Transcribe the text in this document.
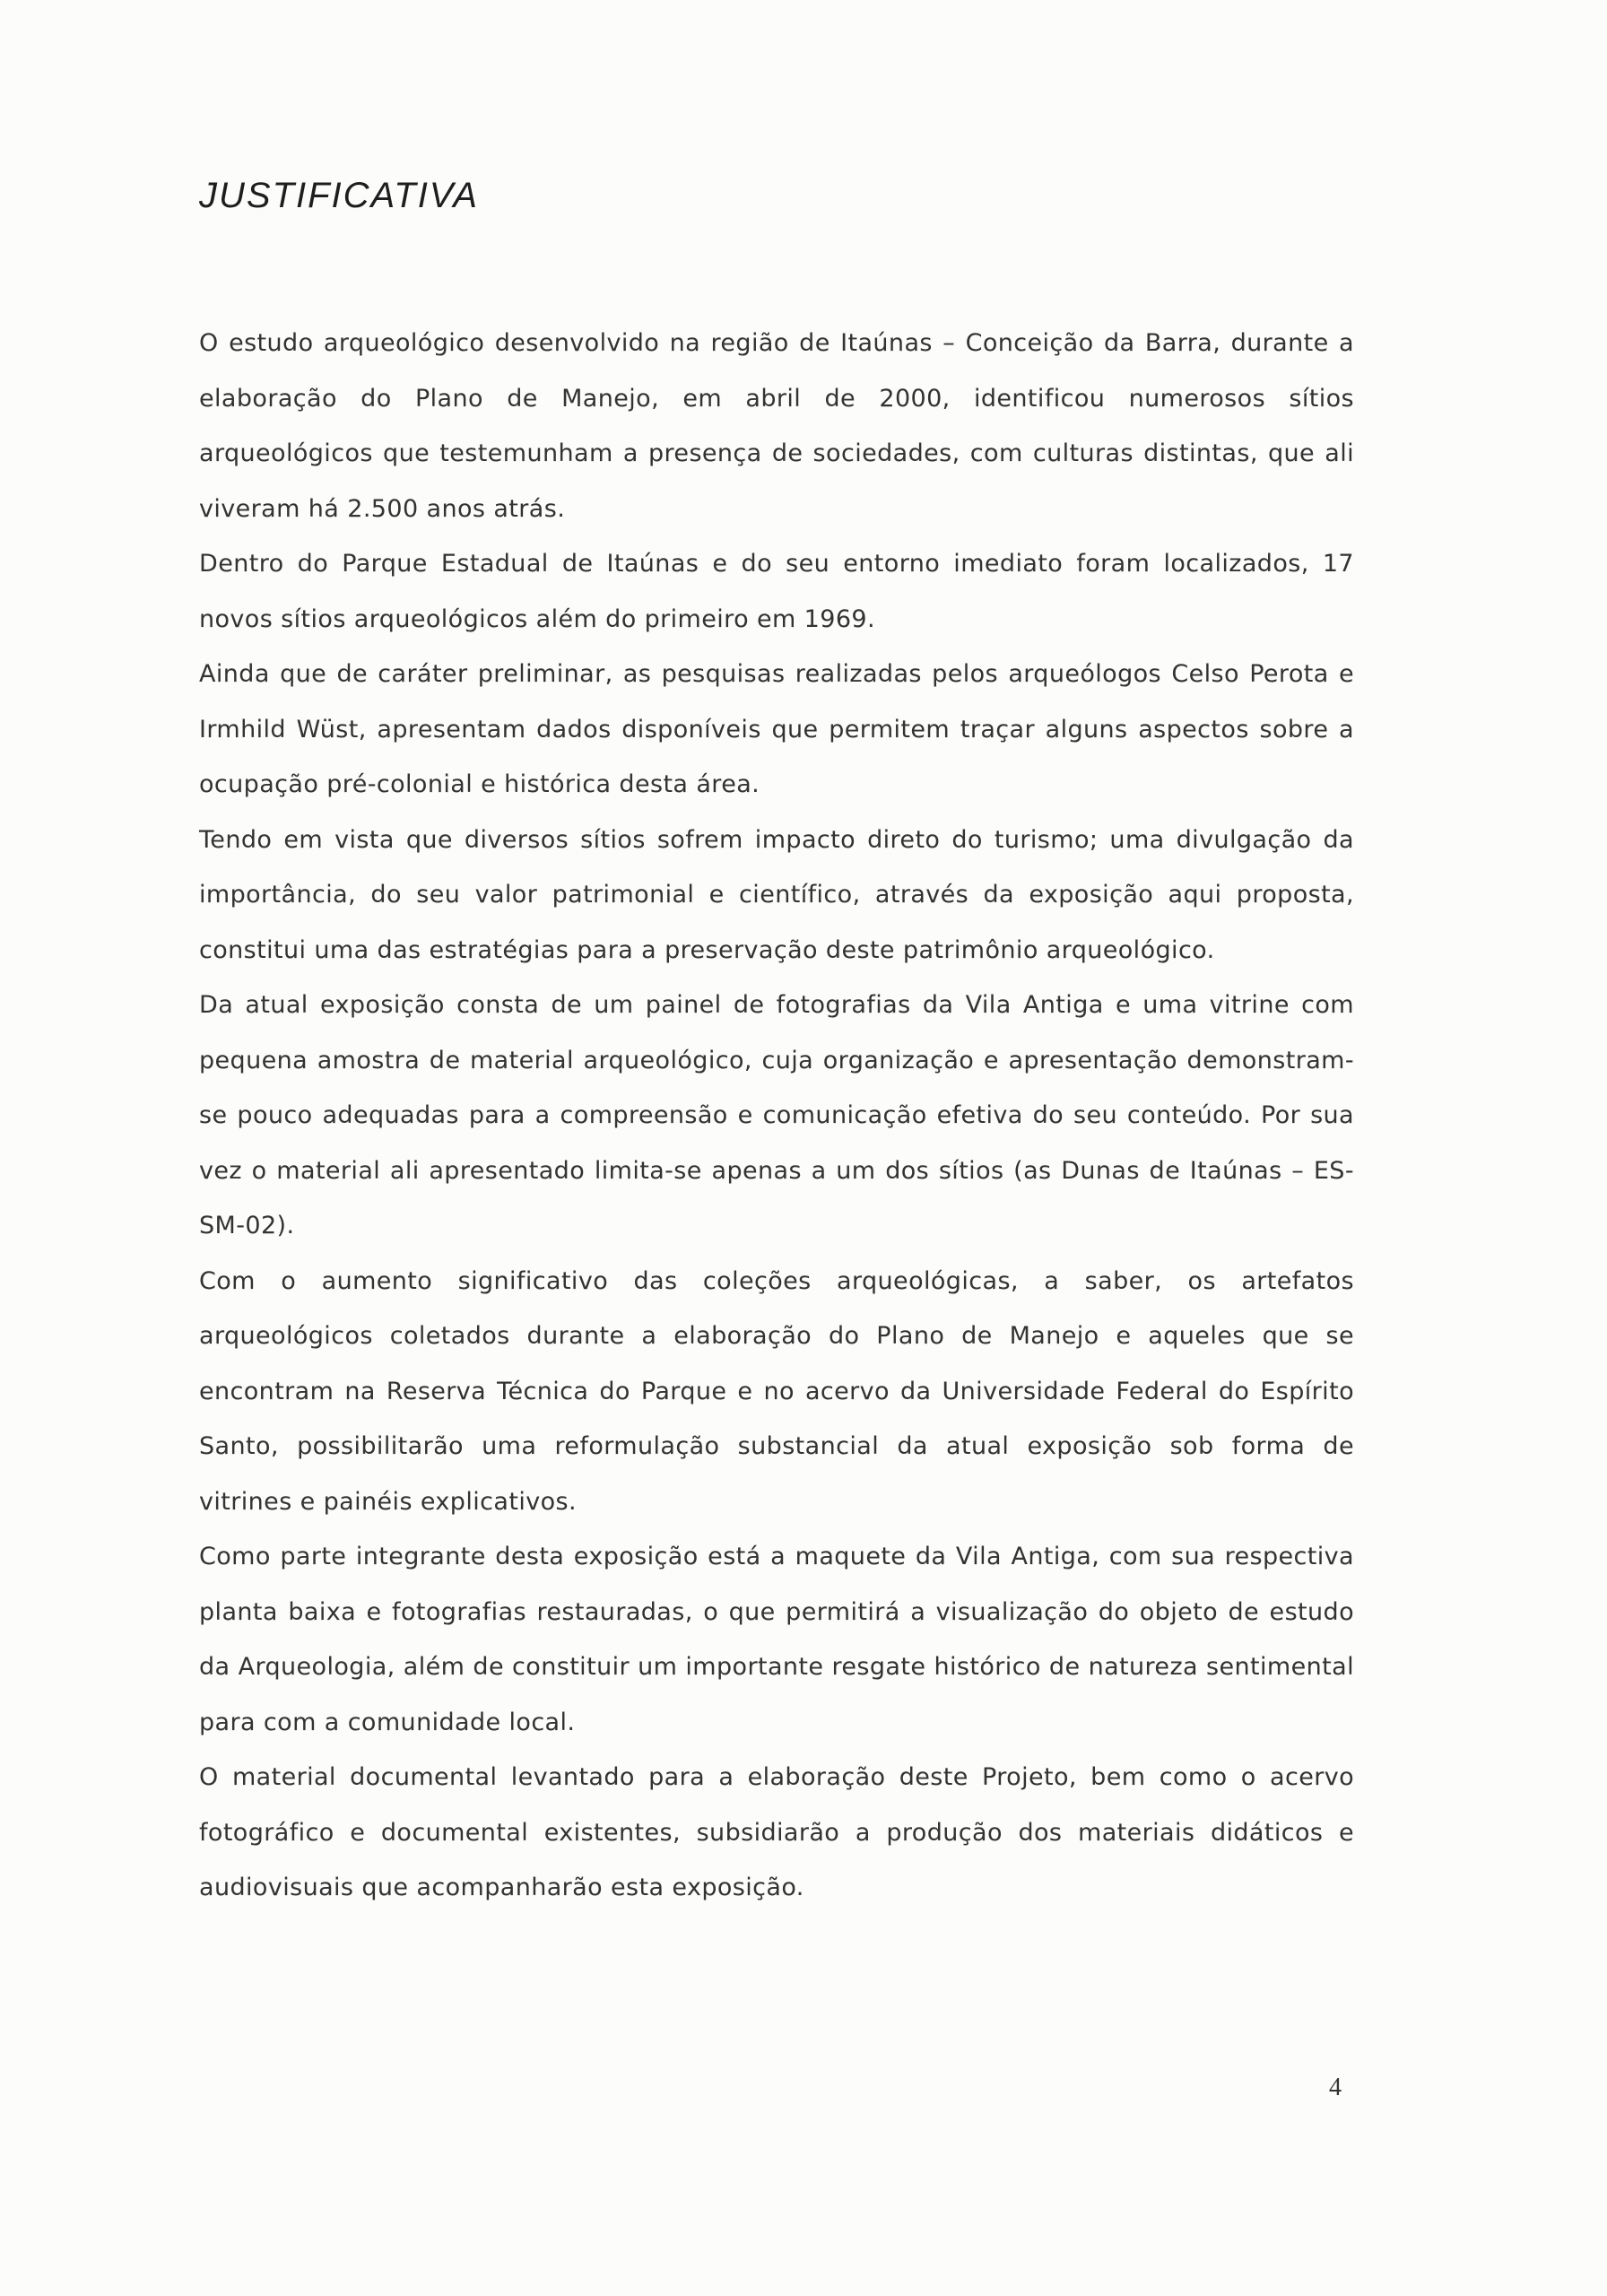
JUSTIFICATIVA

O estudo arqueológico desenvolvido na região de Itaúnas – Conceição da Barra, durante a elaboração do Plano de Manejo, em abril de 2000, identificou numerosos sítios arqueológicos que testemunham a presença de sociedades, com culturas distintas, que ali viveram há 2.500 anos atrás.

Dentro do Parque Estadual de Itaúnas e do seu entorno imediato foram localizados, 17 novos sítios arqueológicos além do primeiro em 1969.

Ainda que de caráter preliminar, as pesquisas realizadas pelos arqueólogos Celso Perota e Irmhild Wüst, apresentam dados disponíveis que permitem traçar alguns aspectos sobre a ocupação pré-colonial e histórica desta área.

Tendo em vista que diversos sítios sofrem impacto direto do turismo; uma divulgação da importância, do seu valor patrimonial e científico, através da exposição aqui proposta, constitui uma das estratégias para a preservação deste patrimônio arqueológico.

Da atual exposição consta de um painel de fotografias da Vila Antiga e uma vitrine com pequena amostra de material arqueológico, cuja organização e apresentação demonstram-se pouco adequadas para a compreensão e comunicação efetiva do seu conteúdo. Por sua vez o material ali apresentado limita-se apenas a um dos sítios (as Dunas de Itaúnas – ES-SM-02).

Com o aumento significativo das coleções arqueológicas, a saber, os artefatos arqueológicos coletados durante a elaboração do Plano de Manejo e aqueles que se encontram na Reserva Técnica do Parque e no acervo da Universidade Federal do Espírito Santo, possibilitarão uma reformulação substancial da atual exposição sob forma de vitrines e painéis explicativos.

Como parte integrante desta exposição está a maquete da Vila Antiga, com sua respectiva planta baixa e fotografias restauradas, o que permitirá a visualização do objeto de estudo da Arqueologia, além de constituir um importante resgate histórico de natureza sentimental para com a comunidade local.

O material documental levantado para a elaboração deste Projeto, bem como o acervo fotográfico e documental existentes, subsidiarão a produção dos materiais didáticos e audiovisuais que acompanharão esta exposição.

4
